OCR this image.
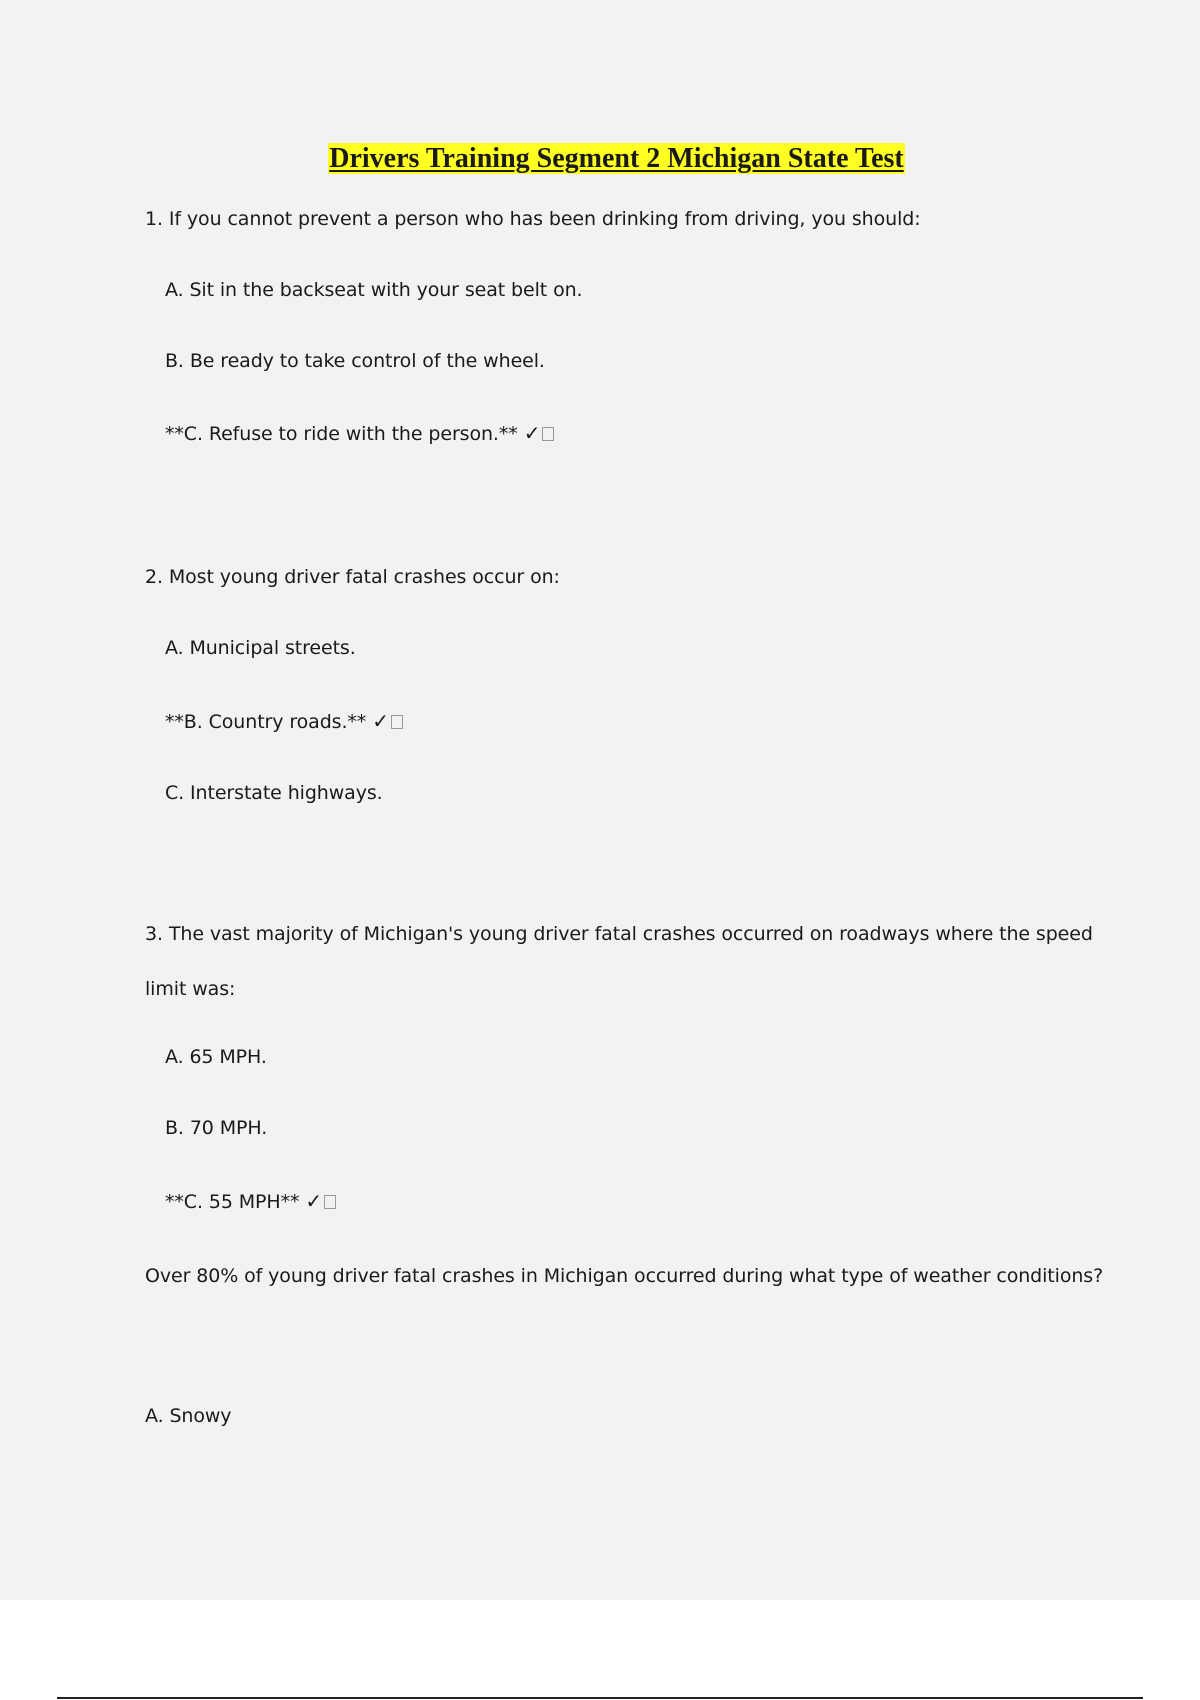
Drivers Training Segment 2 Michigan State Test
1. If you cannot prevent a person who has been drinking from driving, you should:
A. Sit in the backseat with your seat belt on.
B. Be ready to take control of the wheel.
**C. Refuse to ride with the person.** ✓
2. Most young driver fatal crashes occur on:
A. Municipal streets.
**B. Country roads.** ✓
C. Interstate highways.
3. The vast majority of Michigan's young driver fatal crashes occurred on roadways where the speed
limit was:
A. 65 MPH.
B. 70 MPH.
**C. 55 MPH** ✓
Over 80% of young driver fatal crashes in Michigan occurred during what type of weather conditions?
A. Snowy
